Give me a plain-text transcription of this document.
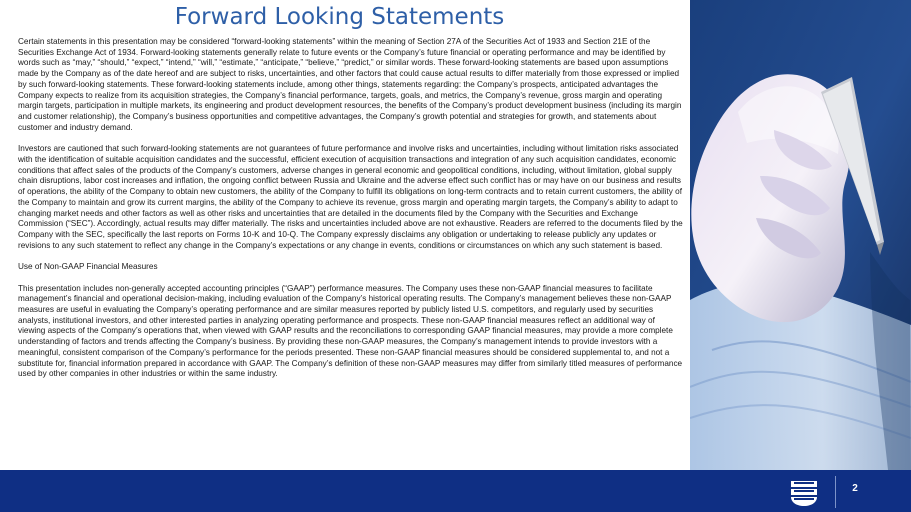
Forward Looking Statements

Certain statements in this presentation may be considered “forward-looking statements” within the meaning of Section 27A of the Securities Act of 1933 and Section 21E of the Securities Exchange Act of 1934. Forward-looking statements generally relate to future events or the Company’s future financial or operating performance and may be identified by words such as “may,” “should,” “expect,” “intend,” “will,” “estimate,” “anticipate,” “believe,” “predict,” or similar words. These forward-looking statements are based upon assumptions made by the Company as of the date hereof and are subject to risks, uncertainties, and other factors that could cause actual results to differ materially from those expressed or implied by such forward-looking statements. These forward-looking statements include, among other things, statements regarding: the Company’s prospects, anticipated advantages the Company expects to realize from its acquisition strategies, the Company’s financial performance, targets, goals, and metrics, the Company’s revenue, gross margin and operating margin targets, participation in multiple markets, its engineering and product development resources, the benefits of the Company’s product development business (including its margin and customer relationship), the Company’s business opportunities and competitive advantages, the Company’s growth potential and strategies for growth, and statements about customer and industry demand.

Investors are cautioned that such forward-looking statements are not guarantees of future performance and involve risks and uncertainties, including without limitation risks associated with the identification of suitable acquisition candidates and the successful, efficient execution of acquisition transactions and integration of any such acquisition candidates, economic conditions that affect sales of the products of the Company’s customers, adverse changes in general economic and geopolitical conditions, including, without limitation, global supply chain disruptions, labor cost increases and inflation, the ongoing conflict between Russia and Ukraine and the adverse effect such conflict has or may have on our business and results of operations, the ability of the Company to obtain new customers, the ability of the Company to fulfill its obligations on long-term contracts and to retain current customers, the ability of the Company to maintain and grow its current margins, the ability of the Company to achieve its revenue, gross margin and operating margin targets, the Company’s ability to adapt to changing market needs and other factors as well as other risks and uncertainties that are detailed in the documents filed by the Company with the Securities and Exchange Commission (“SEC”). Accordingly, actual results may differ materially. The risks and uncertainties included above are not exhaustive. Readers are referred to the documents filed by the Company with the SEC, specifically the last reports on Forms 10-K and 10-Q. The Company expressly disclaims any obligation or undertaking to release publicly any updates or revisions to any such statement to reflect any change in the Company’s expectations or any change in events, conditions or circumstances on which any such statement is based.

Use of Non-GAAP Financial Measures

This presentation includes non-generally accepted accounting principles (“GAAP”) performance measures. The Company uses these non-GAAP financial measures to facilitate management’s financial and operational decision-making, including evaluation of the Company’s historical operating results. The Company’s management believes these non-GAAP measures are useful in evaluating the Company’s operating performance and are similar measures reported by publicly listed U.S. competitors, and regularly used by securities analysts, institutional investors, and other interested parties in analyzing operating performance and prospects. These non-GAAP financial measures reflect an additional way of viewing aspects of the Company’s operations that, when viewed with GAAP results and the reconciliations to corresponding GAAP financial measures, may provide a more complete understanding of factors and trends affecting the Company’s business. By providing these non-GAAP measures, the Company’s management intends to provide investors with a meaningful, consistent comparison of the Company’s performance for the periods presented. These non-GAAP financial measures should be considered supplemental to, and not a substitute for, financial information prepared in accordance with GAAP. The Company’s definition of these non-GAAP measures may differ from similarly titled measures of performance used by other companies in other industries or within the same industry.

2
